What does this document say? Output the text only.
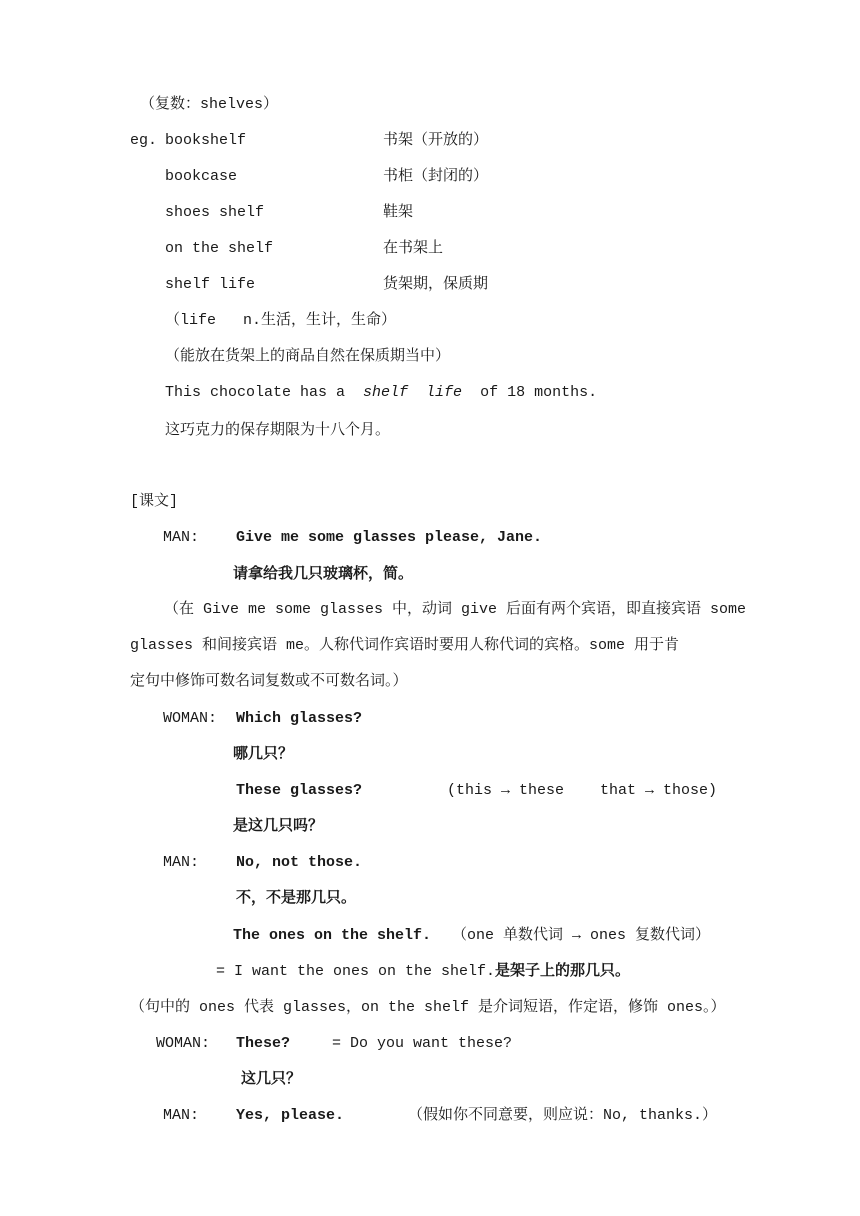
（复数：shelves）
eg. bookshelf	书架（开放的）
bookcase	书柜（封闭的）
shoes shelf	鞋架
on the shelf	在书架上
shelf life	货架期，保质期
（life   n.生活，生计，生命）
（能放在货架上的商品自然在保质期当中）
This chocolate has a  shelf  life  of 18 months.
这巧克力的保存期限为十八个月。
[课文]
MAN: Give me some glasses please, Jane.
请拿给我几只玻璃杯，简。
（在 Give me some glasses 中，动词 give 后面有两个宾语，即直接宾语 some
glasses 和间接宾语 me。人称代词作宾语时要用人称代词的宾格。some 用于肯
定句中修饰可数名词复数或不可数名词。）
WOMAN: Which glasses?
哪几只？
These glasses?	(this → these    that → those)
是这几只吗？
MAN: No, not those.
不，不是那几只。
The ones on the shelf. （one 单数代词 → ones 复数代词）
= I want the ones on the shelf. 是架子上的那几只。
（句中的 ones 代表 glasses，on the shelf 是介词短语，作定语，修饰 ones。）
WOMAN: These?	= Do you want these?
这几只？
MAN: Yes, please.	（假如你不同意要，则应说：No, thanks.）
